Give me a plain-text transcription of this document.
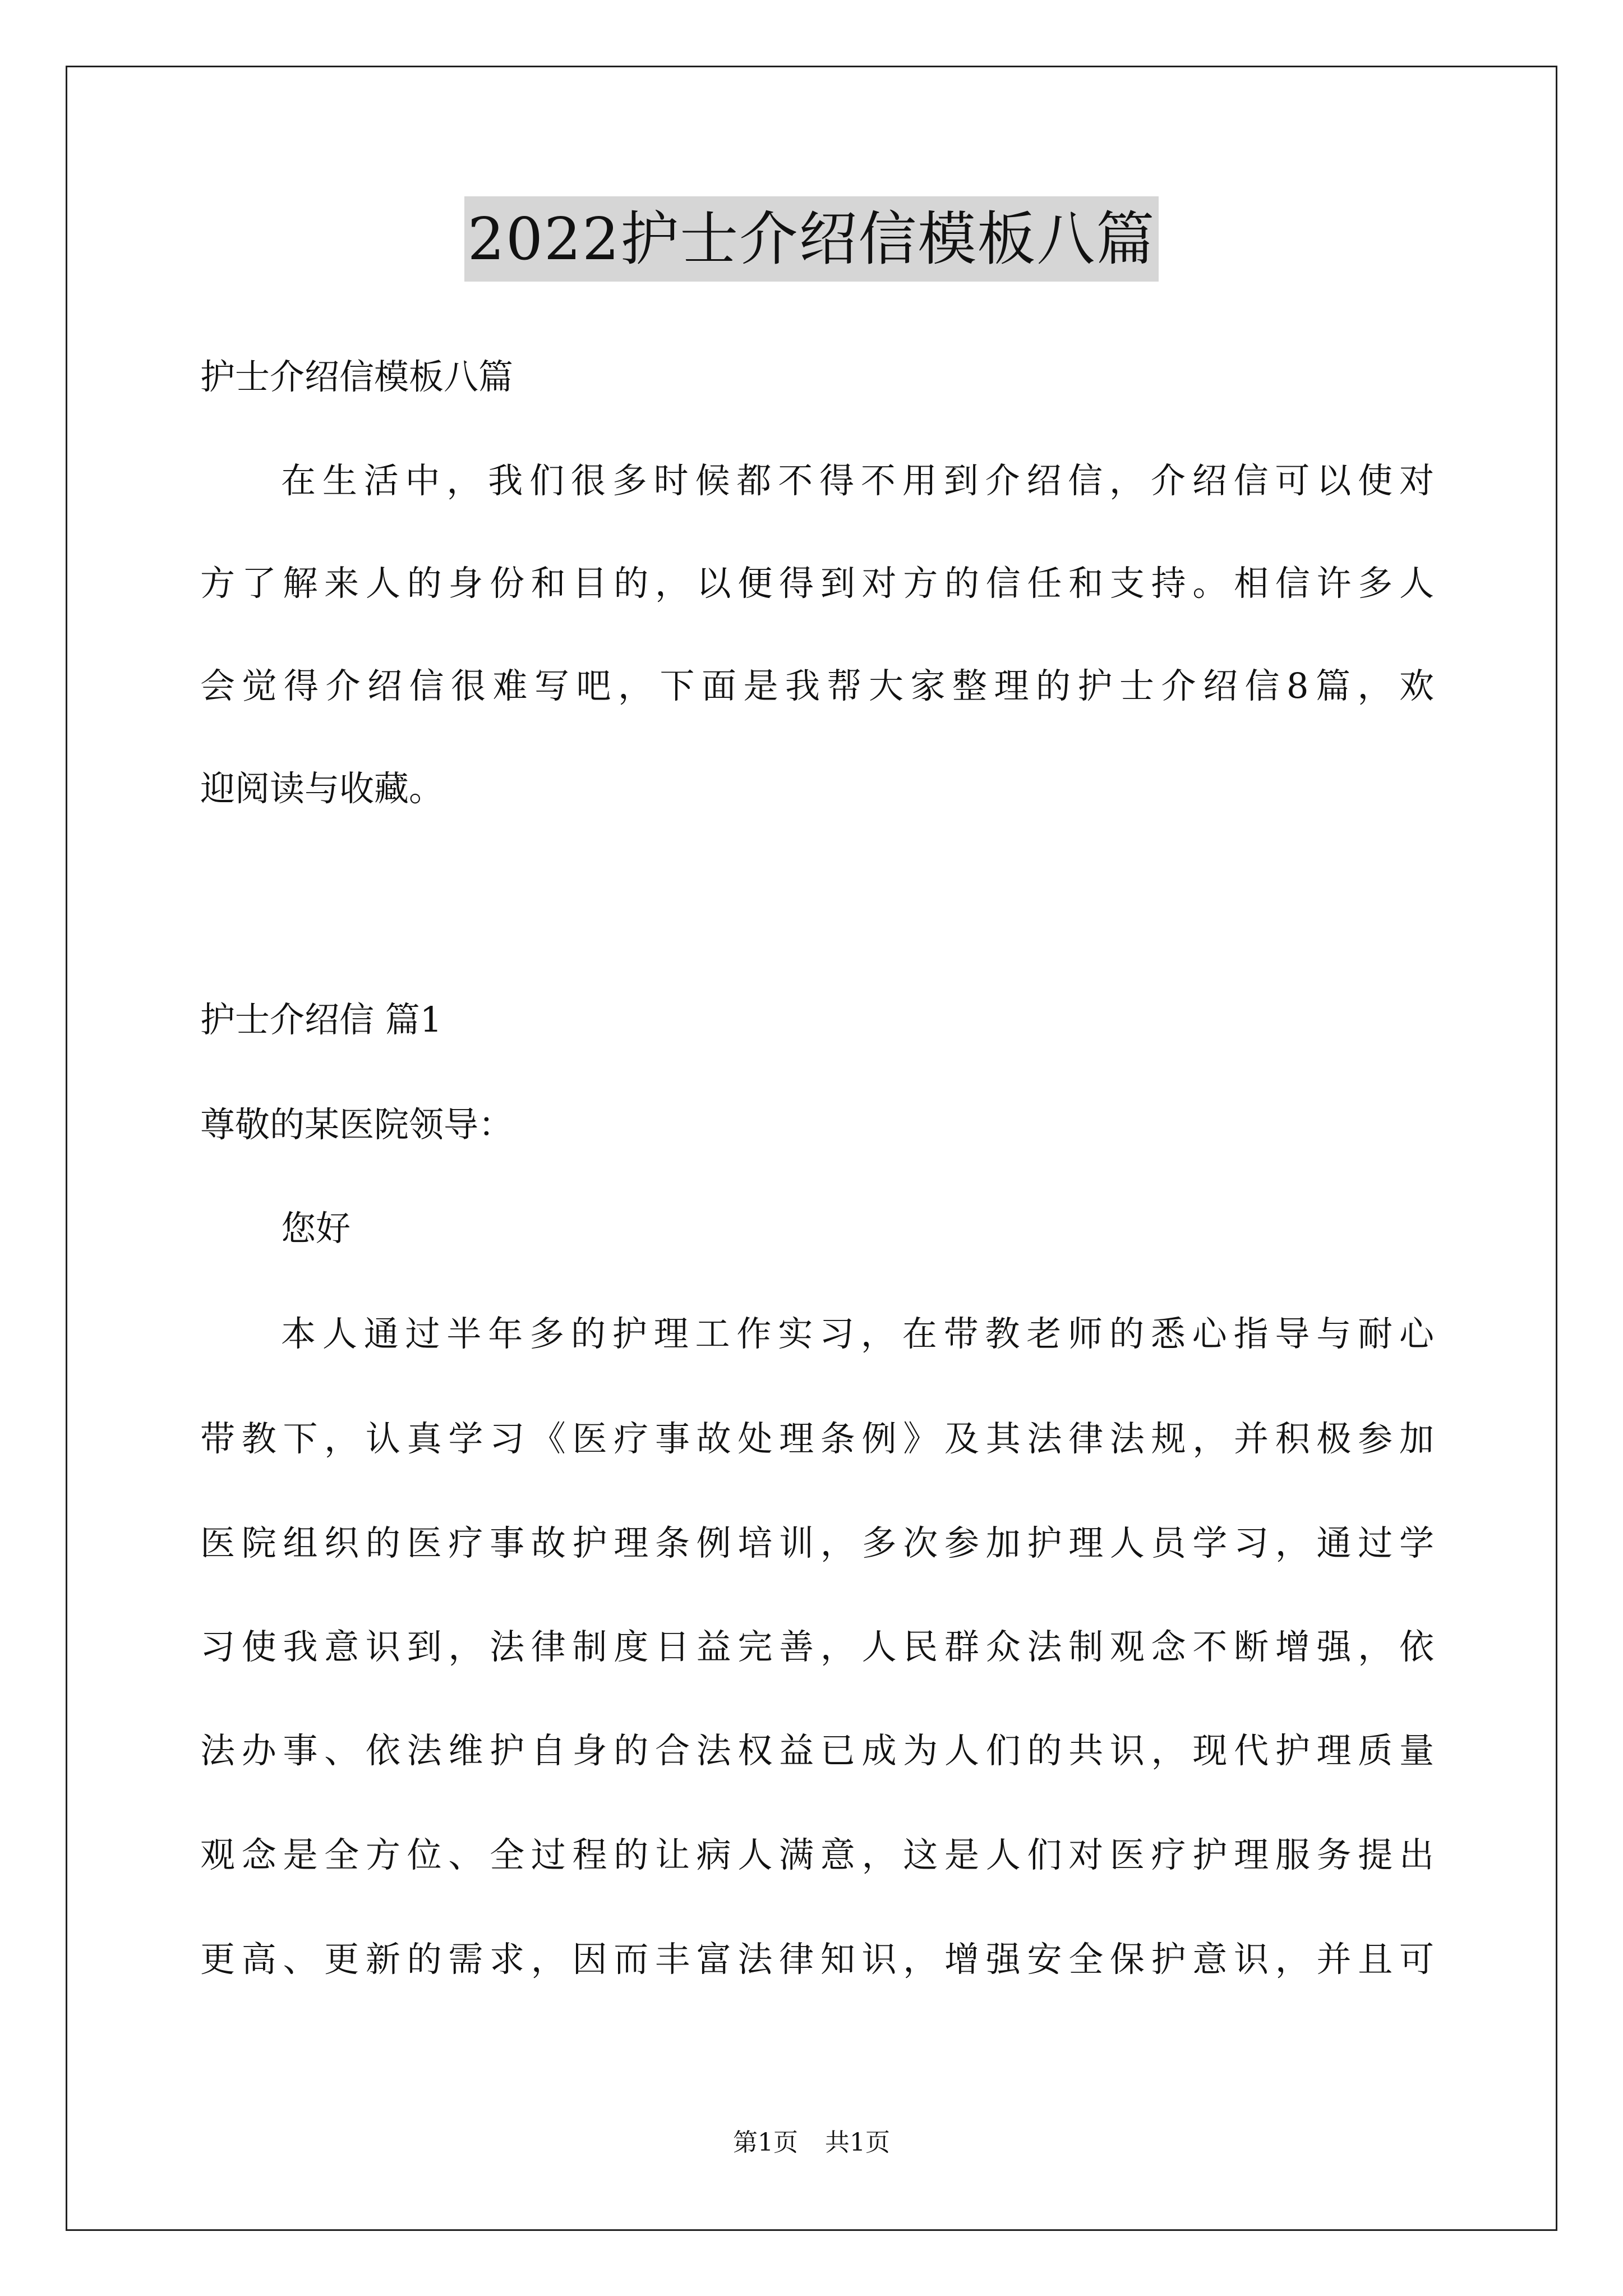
2022护士介绍信模板八篇
护士介绍信模板八篇
在生活中，我们很多时候都不得不用到介绍信，介绍信可以使对
方了解来人的身份和目的，以便得到对方的信任和支持。相信许多人
会觉得介绍信很难写吧，下面是我帮大家整理的护士介绍信8篇，欢
迎阅读与收藏。
护士介绍信 篇1
尊敬的某医院领导：
您好
本人通过半年多的护理工作实习，在带教老师的悉心指导与耐心
带教下，认真学习《医疗事故处理条例》及其法律法规，并积极参加
医院组织的医疗事故护理条例培训，多次参加护理人员学习，通过学
习使我意识到，法律制度日益完善，人民群众法制观念不断增强，依
法办事、依法维护自身的合法权益已成为人们的共识，现代护理质量
观念是全方位、全过程的让病人满意，这是人们对医疗护理服务提出
更高、更新的需求，因而丰富法律知识，增强安全保护意识，并且可
第1页 共1页
